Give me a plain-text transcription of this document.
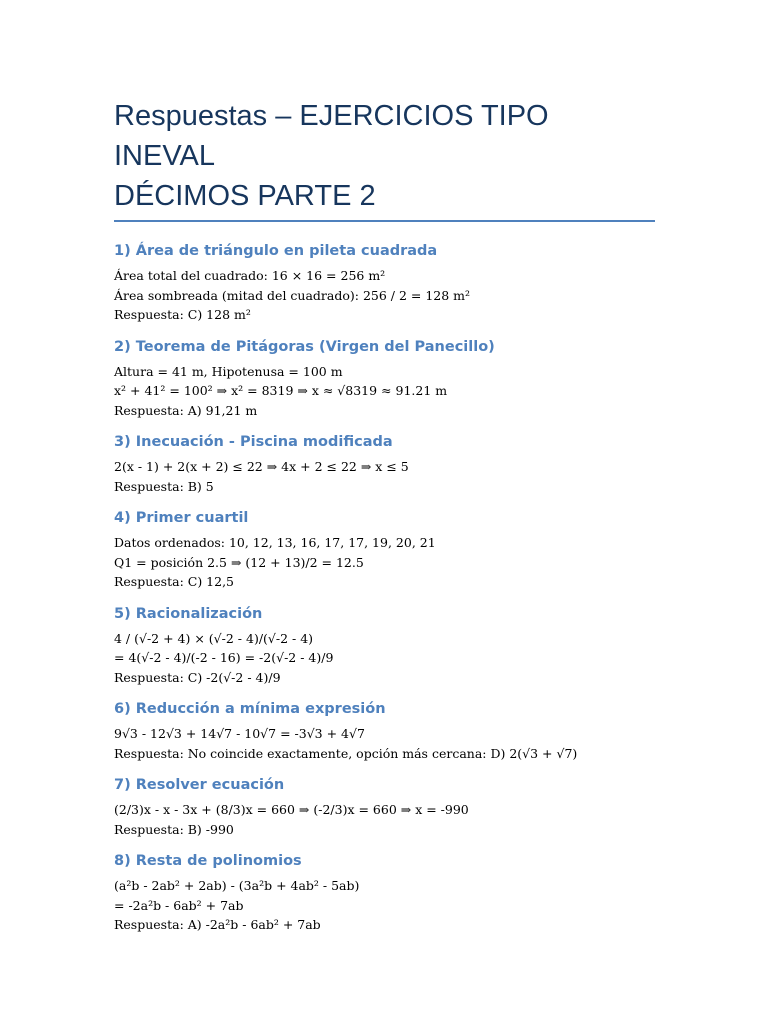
Respuestas – EJERCICIOS TIPO INEVAL
DÉCIMOS PARTE 2
1) Área de triángulo en pileta cuadrada

Área total del cuadrado: 16 × 16 = 256 m²

Área sombreada (mitad del cuadrado): 256 / 2 = 128 m²

Respuesta: C) 128 m²

2) Teorema de Pitágoras (Virgen del Panecillo)

Altura = 41 m, Hipotenusa = 100 m

x² + 41² = 100² ⇒ x² = 8319 ⇒ x ≈ √8319 ≈ 91.21 m

Respuesta: A) 91,21 m

3) Inecuación - Piscina modificada

2(x - 1) + 2(x + 2) ≤ 22 ⇒ 4x + 2 ≤ 22 ⇒ x ≤ 5

Respuesta: B) 5

4) Primer cuartil

Datos ordenados: 10, 12, 13, 16, 17, 17, 19, 20, 21

Q1 = posición 2.5 ⇒ (12 + 13)/2 = 12.5

Respuesta: C) 12,5

5) Racionalización

4 / (√-2 + 4) × (√-2 - 4)/(√-2 - 4)

= 4(√-2 - 4)/(-2 - 16) = -2(√-2 - 4)/9

Respuesta: C) -2(√-2 - 4)/9

6) Reducción a mínima expresión

9√3 - 12√3 + 14√7 - 10√7 = -3√3 + 4√7

Respuesta: No coincide exactamente, opción más cercana: D) 2(√3 + √7)

7) Resolver ecuación

(2/3)x - x - 3x + (8/3)x = 660 ⇒ (-2/3)x = 660 ⇒ x = -990

Respuesta: B) -990

8) Resta de polinomios

(a²b - 2ab² + 2ab) - (3a²b + 4ab² - 5ab)

= -2a²b - 6ab² + 7ab

Respuesta: A) -2a²b - 6ab² + 7ab
